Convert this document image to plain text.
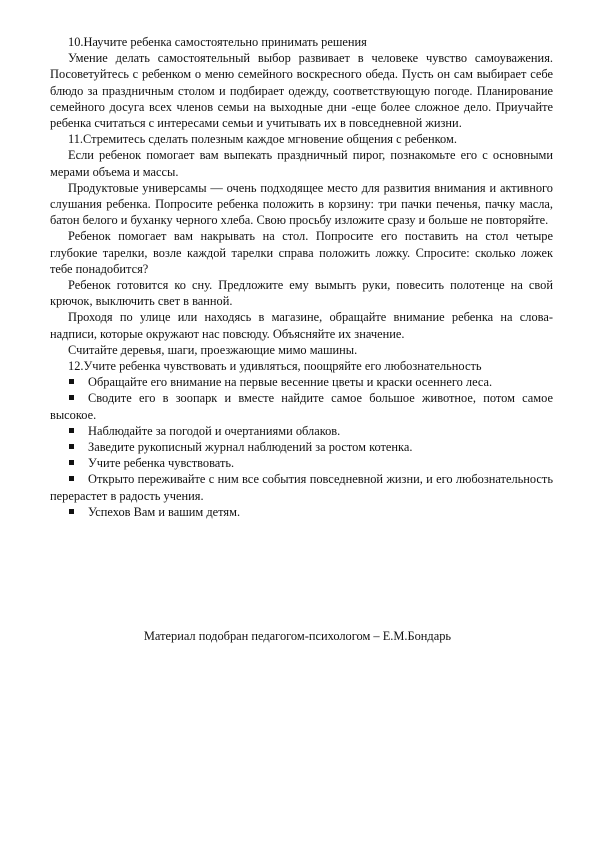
10.Научите ребенка самостоятельно принимать решения

Умение делать самостоятельный выбор развивает в человеке чувство самоуважения. Посоветуйтесь с ребенком о меню семейного воскресного обеда. Пусть он сам выбирает себе блюдо за праздничным столом и подбирает одежду, соответствующую погоде. Планирование семейного досуга всех членов семьи на выходные дни -еще более сложное дело. Приучайте ребенка считаться с интересами семьи и учитывать их в повседневной жизни.

11.Стремитесь сделать полезным каждое мгновение общения с ребенком.

Если ребенок помогает вам выпекать праздничный пирог, познакомьте его с основными мерами объема и массы.

Продуктовые универсамы — очень подходящее место для развития внимания и активного слушания ребенка. Попросите ребенка положить в корзину: три пачки печенья, пачку масла, батон белого и буханку черного хлеба. Свою просьбу изложите сразу и больше не повторяйте.

Ребенок помогает вам накрывать на стол. Попросите его поставить на стол четыре глубокие тарелки, возле каждой тарелки справа положить ложку. Спросите: сколько ложек тебе понадобится?

Ребенок готовится ко сну. Предложите ему вымыть руки, повесить полотенце на свой крючок, выключить свет в ванной.

Проходя по улице или находясь в магазине, обращайте внимание ребенка на слова-надписи, которые окружают нас повсюду. Объясняйте их значение.

Считайте деревья, шаги, проезжающие мимо машины.

12.Учите ребенка чувствовать и удивляться, поощряйте его любознательность

Обращайте его внимание на первые весенние цветы и краски осеннего леса.
Сводите его в зоопарк и вместе найдите самое большое животное, потом самое высокое.
Наблюдайте за погодой и очертаниями облаков.
Заведите рукописный журнал наблюдений за ростом котенка.
Учите ребенка чувствовать.
Открыто переживайте с ним все события повседневной жизни, и его любознательность перерастет в радость учения.
Успехов Вам и вашим детям.
Материал подобран педагогом-психологом – Е.М.Бондарь
